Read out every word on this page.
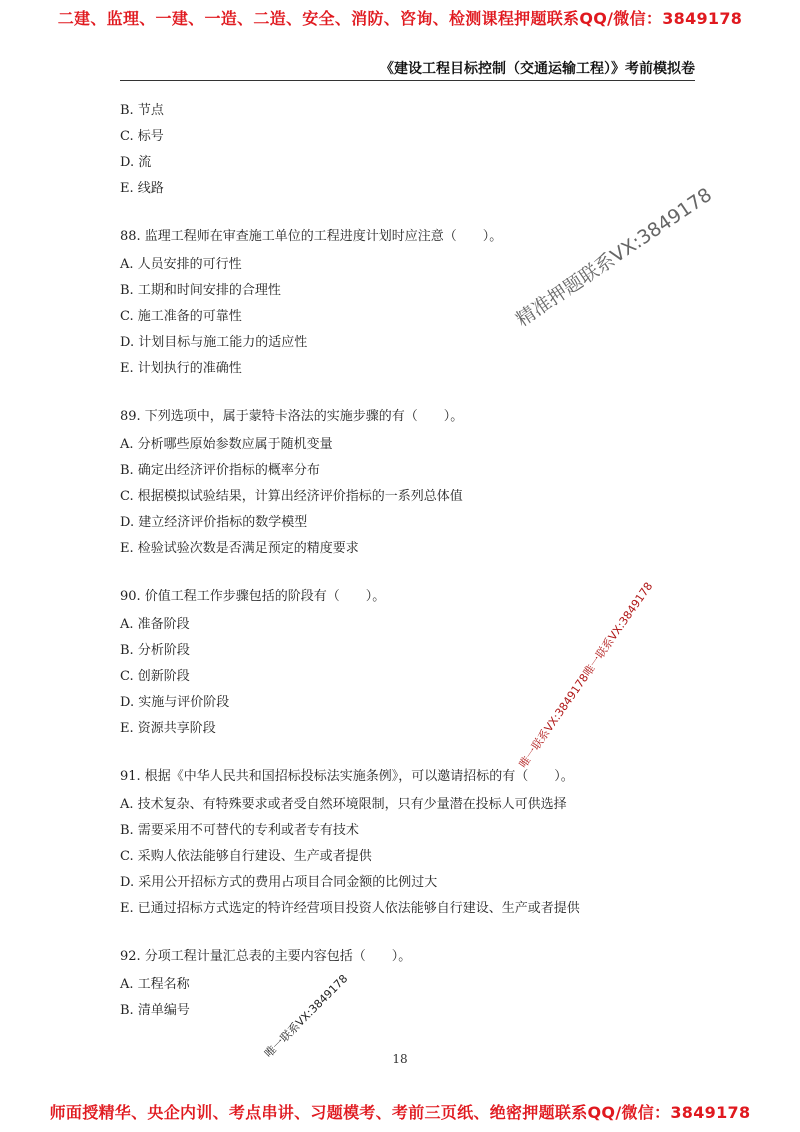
二建、监理、一建、一造、二造、安全、消防、咨询、检测课程押题联系QQ/微信：3849178
《建设工程目标控制（交通运输工程）》考前模拟卷
B. 节点
C. 标号
D. 流
E. 线路
88. 监理工程师在审查施工单位的工程进度计划时应注意（　　）。
A. 人员安排的可行性
B. 工期和时间安排的合理性
C. 施工准备的可靠性
D. 计划目标与施工能力的适应性
E. 计划执行的准确性
89. 下列选项中，属于蒙特卡洛法的实施步骤的有（　　）。
A. 分析哪些原始参数应属于随机变量
B. 确定出经济评价指标的概率分布
C. 根据模拟试验结果，计算出经济评价指标的一系列总体值
D. 建立经济评价指标的数学模型
E. 检验试验次数是否满足预定的精度要求
90. 价值工程工作步骤包括的阶段有（　　）。
A. 准备阶段
B. 分析阶段
C. 创新阶段
D. 实施与评价阶段
E. 资源共享阶段
91. 根据《中华人民共和国招标投标法实施条例》，可以邀请招标的有（　　）。
A. 技术复杂、有特殊要求或者受自然环境限制，只有少量潜在投标人可供选择
B. 需要采用不可替代的专利或者专有技术
C. 采购人依法能够自行建设、生产或者提供
D. 采用公开招标方式的费用占项目合同金额的比例过大
E. 已通过招标方式选定的特许经营项目投资人依法能够自行建设、生产或者提供
92. 分项工程计量汇总表的主要内容包括（　　）。
A. 工程名称
B. 清单编号
精准押题联系VX:3849178
唯一联系VX:3849178唯一联系VX:3849178
唯一联系VX:3849178	18
师面授精华、央企内训、考点串讲、习题模考、考前三页纸、绝密押题联系QQ/微信：3849178
